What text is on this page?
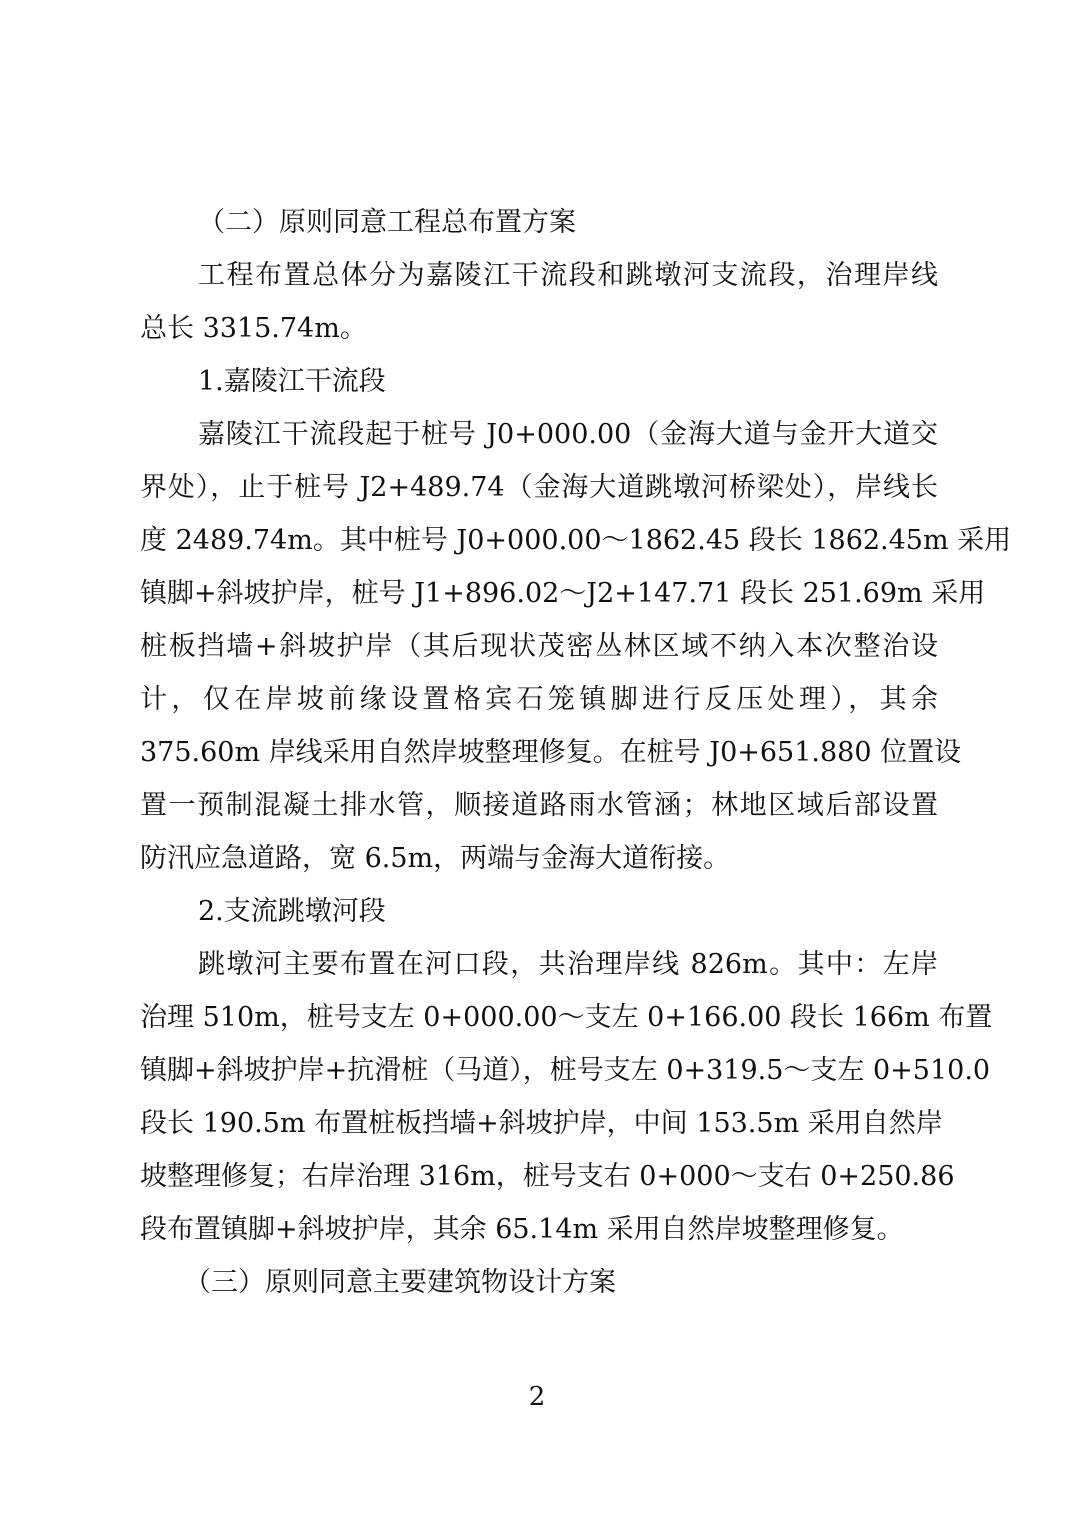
（二）原则同意工程总布置方案
工程布置总体分为嘉陵江干流段和跳墩河支流段，治理岸线
总长 3315.74m。
1.嘉陵江干流段
嘉陵江干流段起于桩号 J0+000.00（金海大道与金开大道交
界处），止于桩号 J2+489.74（金海大道跳墩河桥梁处），岸线长
度 2489.74m。其中桩号 J0+000.00～1862.45 段长 1862.45m 采用
镇脚+斜坡护岸，桩号 J1+896.02～J2+147.71 段长 251.69m 采用
桩板挡墙+斜坡护岸（其后现状茂密丛林区域不纳入本次整治设
计，仅在岸坡前缘设置格宾石笼镇脚进行反压处理），其余
375.60m 岸线采用自然岸坡整理修复。在桩号 J0+651.880 位置设
置一预制混凝土排水管，顺接道路雨水管涵；林地区域后部设置
防汛应急道路，宽 6.5m，两端与金海大道衔接。
2.支流跳墩河段
跳墩河主要布置在河口段，共治理岸线 826m。其中：左岸
治理 510m，桩号支左 0+000.00～支左 0+166.00 段长 166m 布置
镇脚+斜坡护岸+抗滑桩（马道），桩号支左 0+319.5～支左 0+510.0
段长 190.5m 布置桩板挡墙+斜坡护岸，中间 153.5m 采用自然岸
坡整理修复；右岸治理 316m，桩号支右 0+000～支右 0+250.86
段布置镇脚+斜坡护岸，其余 65.14m 采用自然岸坡整理修复。
（三）原则同意主要建筑物设计方案
2
